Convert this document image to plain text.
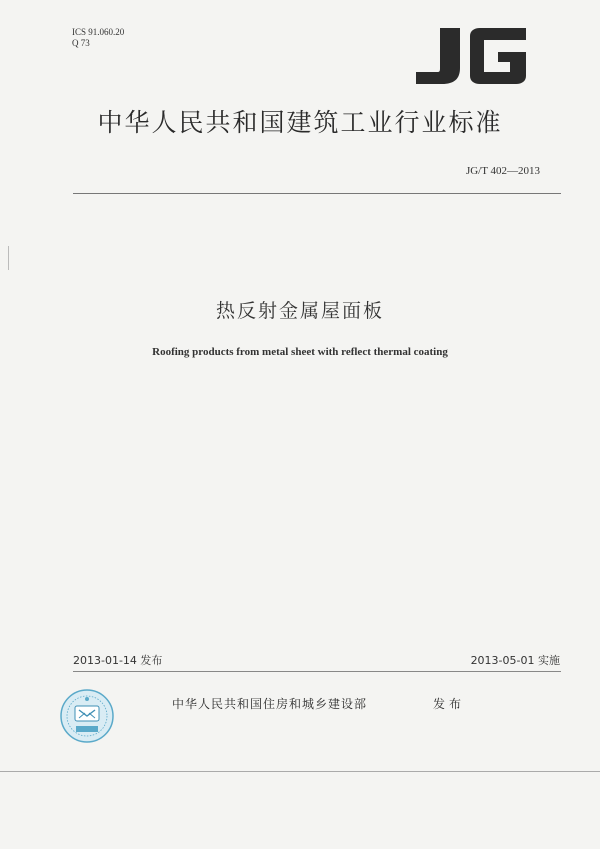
ICS 91.060.20
Q 73
中华人民共和国建筑工业行业标准
JG/T 402—2013
热反射金属屋面板
Roofing products from metal sheet with reflect thermal coating
2013-01-14 发布	2013-05-01 实施
中华人民共和国住房和城乡建设部	发布
